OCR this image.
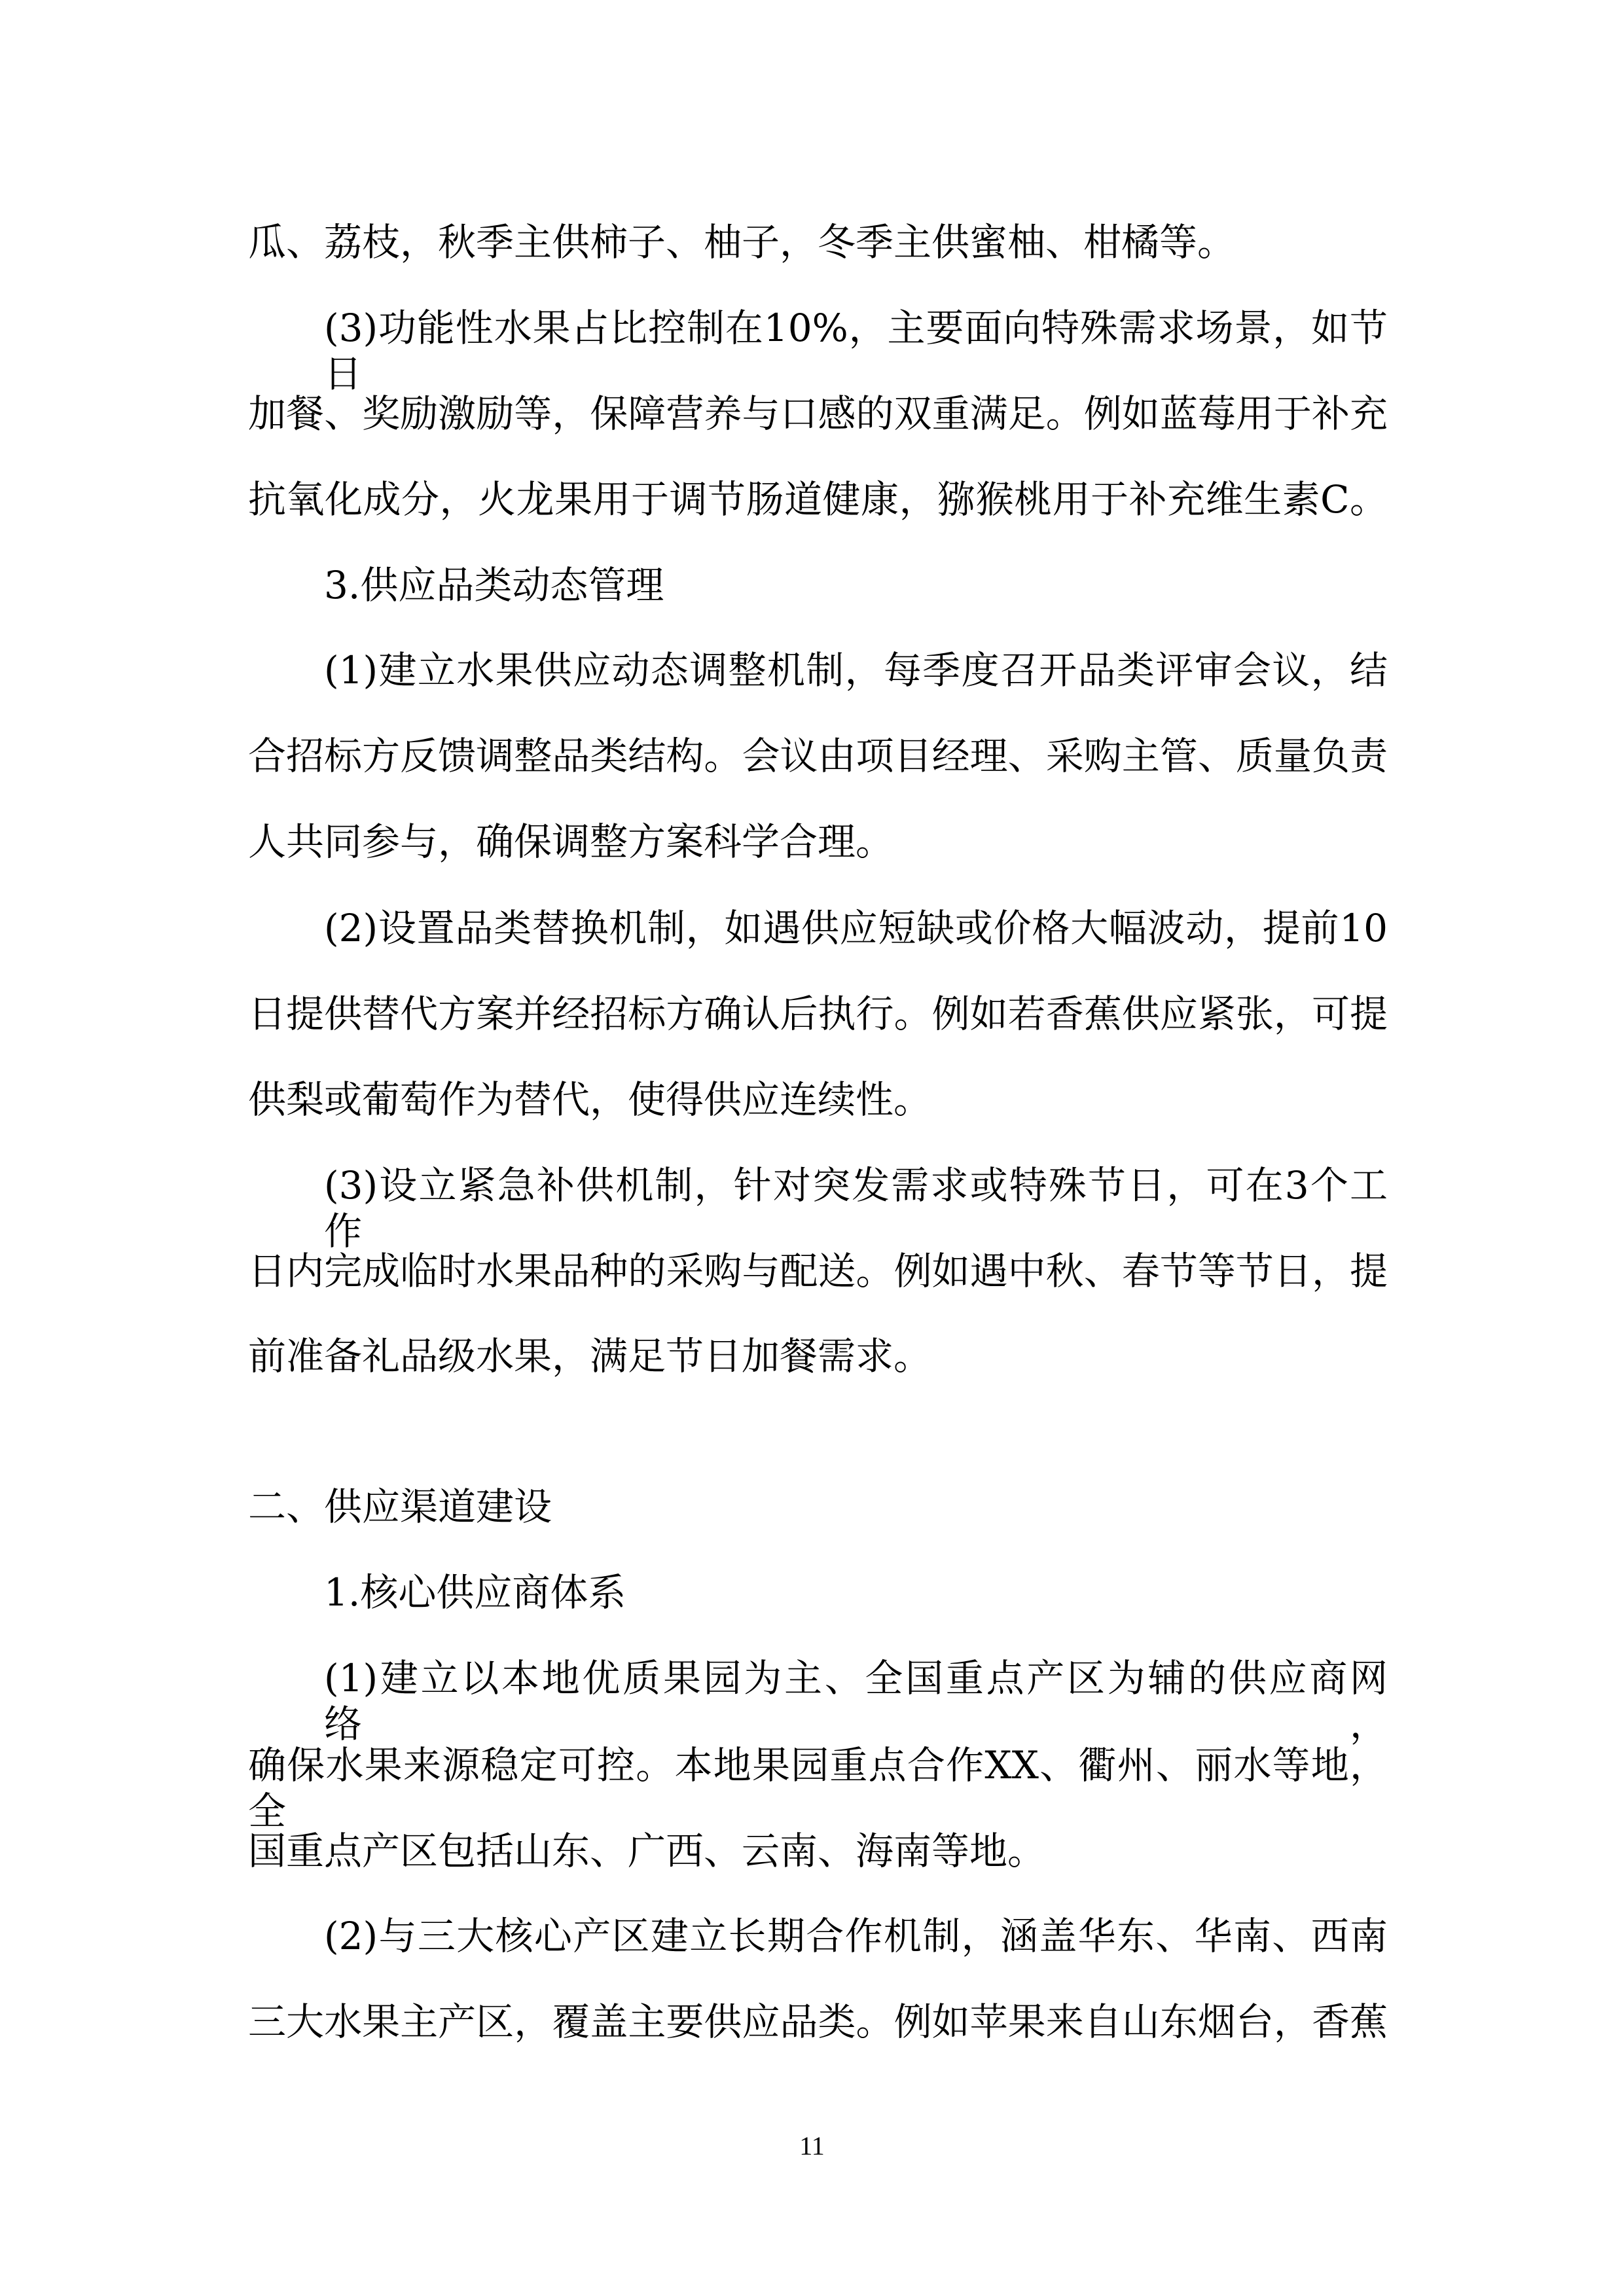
瓜、荔枝，秋季主供柿子、柚子，冬季主供蜜柚、柑橘等。
(3)功能性水果占比控制在10%，主要面向特殊需求场景，如节日
加餐、奖励激励等，保障营养与口感的双重满足。例如蓝莓用于补充
抗氧化成分，火龙果用于调节肠道健康，猕猴桃用于补充维生素C。
3.供应品类动态管理
(1)建立水果供应动态调整机制，每季度召开品类评审会议，结
合招标方反馈调整品类结构。会议由项目经理、采购主管、质量负责
人共同参与，确保调整方案科学合理。
(2)设置品类替换机制，如遇供应短缺或价格大幅波动，提前10
日提供替代方案并经招标方确认后执行。例如若香蕉供应紧张，可提
供梨或葡萄作为替代，使得供应连续性。
(3)设立紧急补供机制，针对突发需求或特殊节日，可在3个工作
日内完成临时水果品种的采购与配送。例如遇中秋、春节等节日，提
前准备礼品级水果，满足节日加餐需求。
二、供应渠道建设
1.核心供应商体系
(1)建立以本地优质果园为主、全国重点产区为辅的供应商网络，
确保水果来源稳定可控。本地果园重点合作XX、衢州、丽水等地，全
国重点产区包括山东、广西、云南、海南等地。
(2)与三大核心产区建立长期合作机制，涵盖华东、华南、西南
三大水果主产区，覆盖主要供应品类。例如苹果来自山东烟台，香蕉
11
